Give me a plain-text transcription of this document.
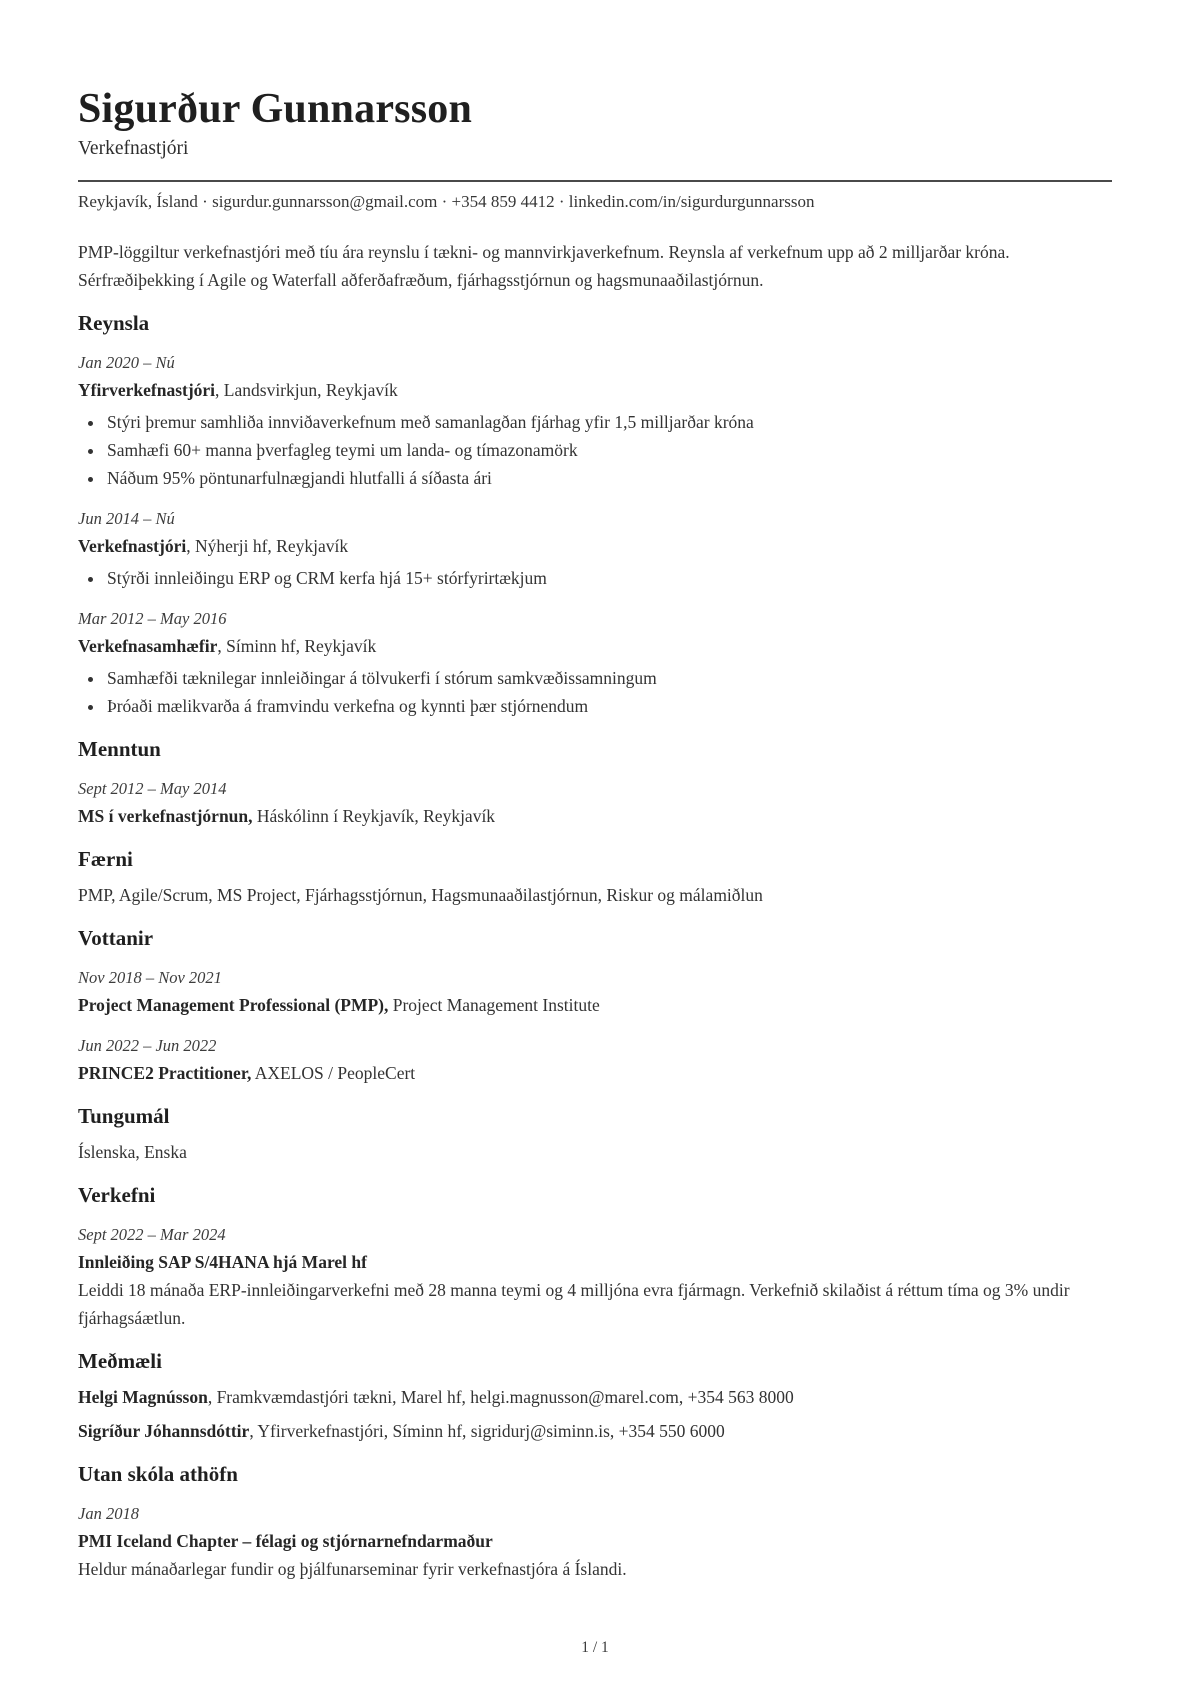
Sigurður Gunnarsson
Verkefnastjóri
Reykjavík, Ísland · sigurdur.gunnarsson@gmail.com · +354 859 4412 · linkedin.com/in/sigurdurgunnarsson

PMP-löggiltur verkefnastjóri með tíu ára reynslu í tækni- og mannvirkjaverkefnum. Reynsla af verkefnum upp að 2 milljarðar króna. Sérfræðiþekking í Agile og Waterfall aðferðafræðum, fjárhagsstjórnun og hagsmunaaðilastjórnun.

Reynsla
Jan 2020 – Nú
Yfirverkefnastjóri, Landsvirkjun, Reykjavík
• Stýri þremur samhliða innviðaverkefnum með samanlagðan fjárhag yfir 1,5 milljarðar króna
• Samhæfi 60+ manna þverfagleg teymi um landa- og tímazonamörk
• Náðum 95% pöntunarfulnægjandi hlutfalli á síðasta ári
Jun 2014 – Nú
Verkefnastjóri, Nýherji hf, Reykjavík
• Stýrði innleiðingu ERP og CRM kerfa hjá 15+ stórfyrirtækjum
Mar 2012 – May 2016
Verkefnasamhæfir, Síminn hf, Reykjavík
• Samhæfði tæknilegar innleiðingar á tölvukerfi í stórum samkvæðissamningum
• Þróaði mælikvarða á framvindu verkefna og kynnti þær stjórnendum
Menntun
Sept 2012 – May 2014
MS í verkefnastjórnun, Háskólinn í Reykjavík, Reykjavík
Færni

PMP, Agile/Scrum, MS Project, Fjárhagsstjórnun, Hagsmunaaðilastjórnun, Riskur og málamiðlun

Vottanir
Nov 2018 – Nov 2021
Project Management Professional (PMP), Project Management Institute
Jun 2022 – Jun 2022
PRINCE2 Practitioner, AXELOS / PeopleCert
Tungumál

Íslenska, Enska

Verkefni
Sept 2022 – Mar 2024
Innleiðing SAP S/4HANA hjá Marel hf

Leiddi 18 mánaða ERP-innleiðingarverkefni með 28 manna teymi og 4 milljóna evra fjármagn. Verkefnið skilaðist á réttum tíma og 3% undir fjárhagsáætlun.

Meðmæli

Helgi Magnússon, Framkvæmdastjóri tækni, Marel hf, helgi.magnusson@marel.com, +354 563 8000

Sigríður Jóhannsdóttir, Yfirverkefnastjóri, Síminn hf, sigridurj@siminn.is, +354 550 6000

Utan skóla athöfn
Jan 2018
PMI Iceland Chapter – félagi og stjórnarnefndarmaður

Heldur mánaðarlegar fundir og þjálfunarseminar fyrir verkefnastjóra á Íslandi.

1 / 1
